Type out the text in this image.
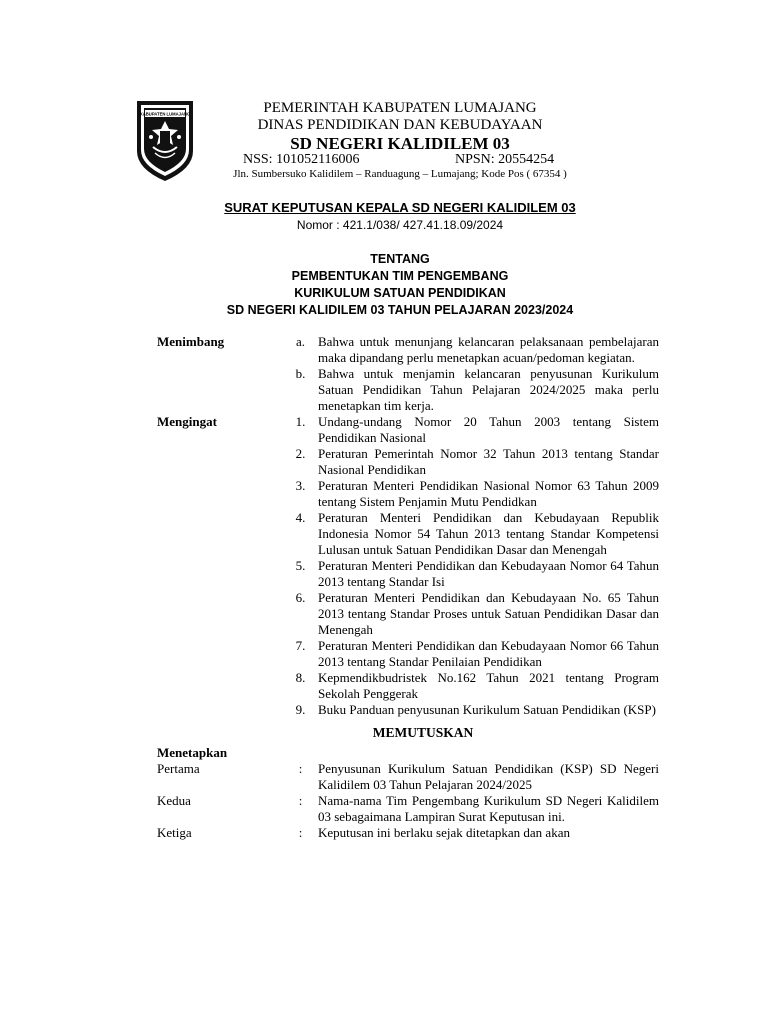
KABUPATEN LUMAJANG	PEMERINTAH KABUPATEN LUMAJANG
DINAS PENDIDIKAN DAN KEBUDAYAAN
SD NEGERI KALIDILEM 03
NSS: 101052116006	NPSN: 20554254
Jln. Sumbersuko Kalidilem – Randuagung – Lumajang; Kode Pos ( 67354 )
SURAT KEPUTUSAN KEPALA SD NEGERI KALIDILEM 03
Nomor : 421.1/038/ 427.41.18.09/2024
TENTANG
PEMBENTUKAN TIM PENGEMBANG
KURIKULUM SATUAN PENDIDIKAN
SD NEGERI KALIDILEM 03 TAHUN PELAJARAN 2023/2024
Menimbang	a. Bahwa untuk menunjang kelancaran pelaksanaan pembelajaran maka dipandang perlu menetapkan acuan/pedoman kegiatan.
b. Bahwa untuk menjamin kelancaran penyusunan Kurikulum Satuan Pendidikan Tahun Pelajaran 2024/2025 maka perlu menetapkan tim kerja.
Mengingat	1. Undang-undang Nomor 20 Tahun 2003 tentang Sistem Pendidikan Nasional
2. Peraturan Pemerintah Nomor 32 Tahun 2013 tentang Standar Nasional Pendidikan
3. Peraturan Menteri Pendidikan Nasional Nomor 63 Tahun 2009 tentang Sistem Penjamin Mutu Pendidkan
4. Peraturan Menteri Pendidikan dan Kebudayaan Republik Indonesia Nomor 54 Tahun 2013 tentang Standar Kompetensi Lulusan untuk Satuan Pendidikan Dasar dan Menengah
5. Peraturan Menteri Pendidikan dan Kebudayaan Nomor 64 Tahun 2013 tentang Standar Isi
6. Peraturan Menteri Pendidikan dan Kebudayaan No. 65 Tahun 2013 tentang Standar Proses untuk Satuan Pendidikan Dasar dan Menengah
7. Peraturan Menteri Pendidikan dan Kebudayaan Nomor 66 Tahun 2013 tentang Standar Penilaian Pendidikan
8. Kepmendikbudristek No.162 Tahun 2021 tentang Program Sekolah Penggerak
9. Buku Panduan penyusunan Kurikulum Satuan Pendidikan (KSP)
MEMUTUSKAN
Menetapkan
Pertama	:	Penyusunan Kurikulum Satuan Pendidikan (KSP) SD Negeri Kalidilem 03 Tahun Pelajaran 2024/2025
Kedua	:	Nama-nama Tim Pengembang Kurikulum SD Negeri Kalidilem 03 sebagaimana Lampiran Surat Keputusan ini.
Ketiga	:	Keputusan ini berlaku sejak ditetapkan dan akan
